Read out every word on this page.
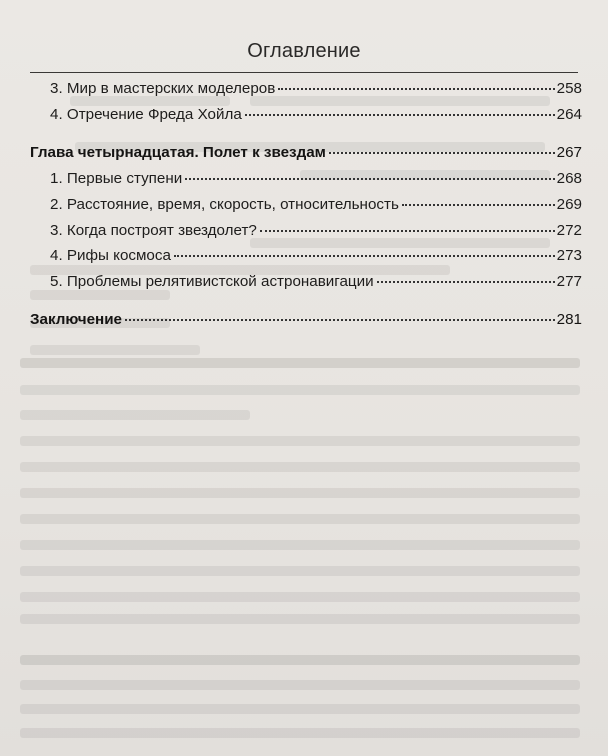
Оглавление
3. Мир в мастерских моделеров	258
4. Отречение Фреда Хойла	264
Глава четырнадцатая. Полет к звездам	267
1. Первые ступени	268
2. Расстояние, время, скорость, относительность	269
3. Когда построят звездолет?	272
4. Рифы космоса	273
5. Проблемы релятивистской астронавигации	277
Заключение	281
